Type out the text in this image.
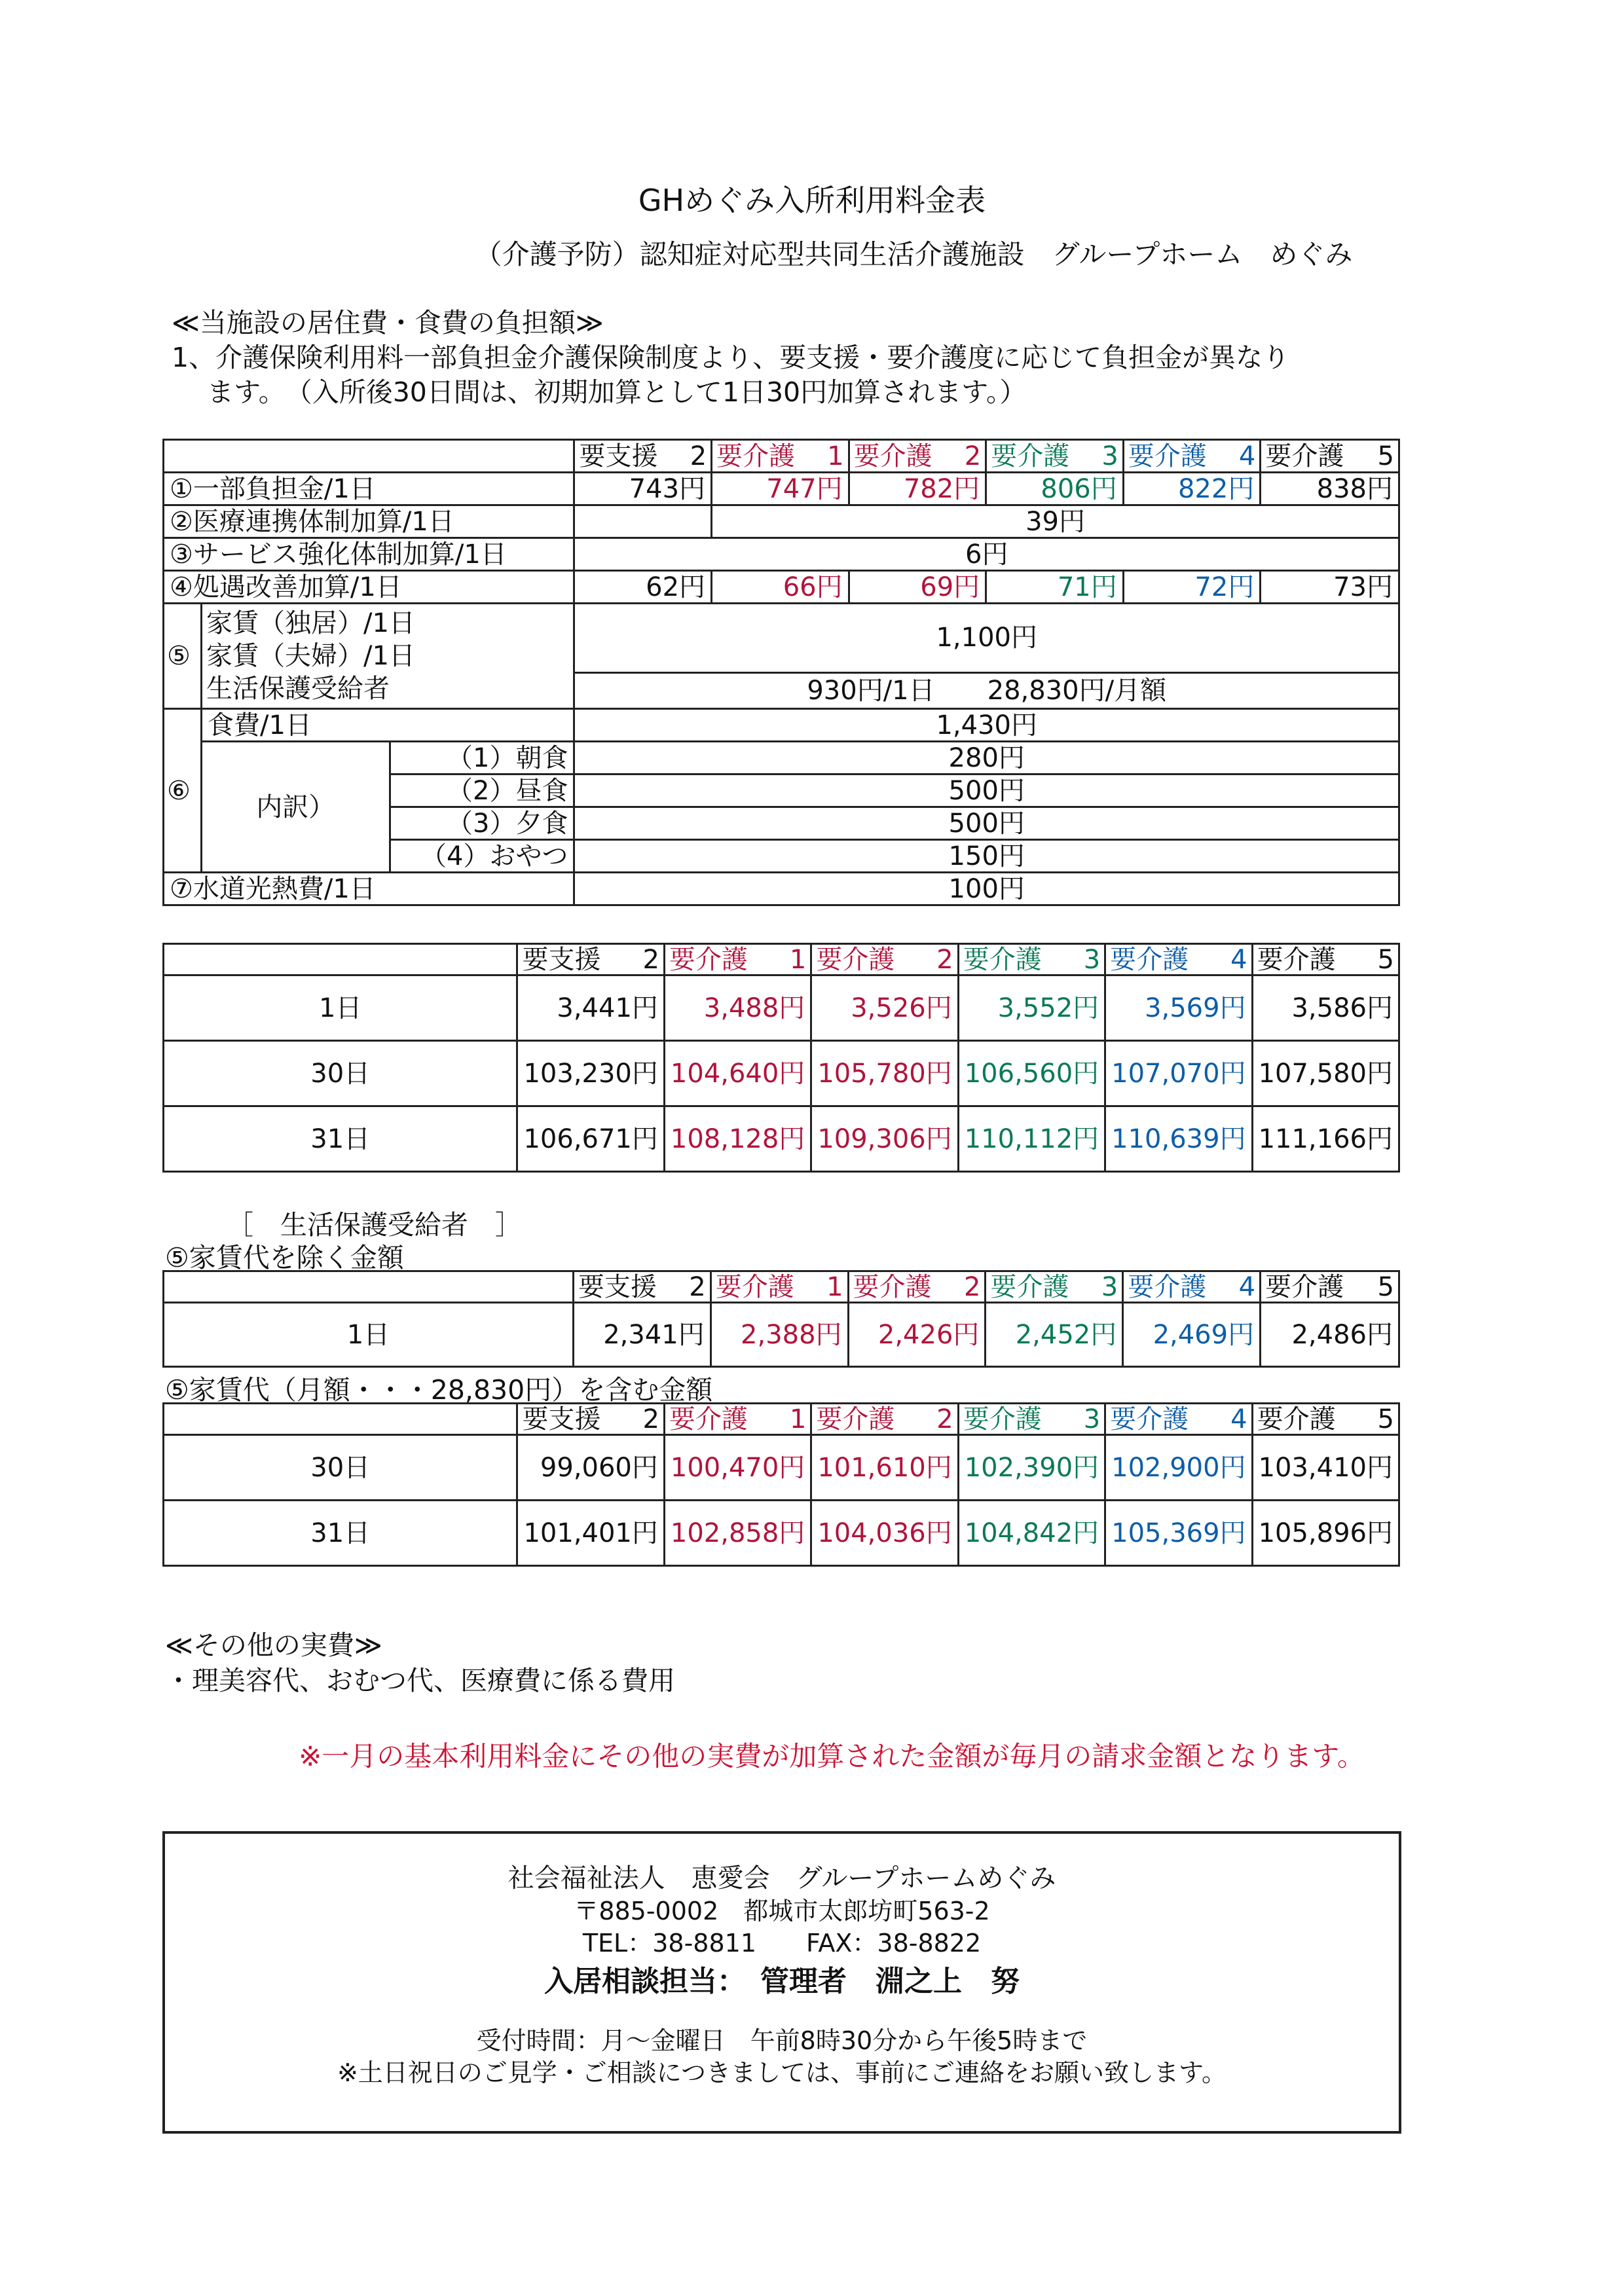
GHめぐみ入所利用料金表
（介護予防）認知症対応型共同生活介護施設　グループホーム　めぐみ
≪当施設の居住費・食費の負担額≫
1、介護保険利用料一部負担金介護保険制度より、要支援・要介護度に応じて負担金が異なり
ます。　（入所後30日間は、初期加算として1日30円加算されます。）
			要支援 2	要介護 1	要介護 2	要介護 3	要介護 4	要介護 5

①一部負担金/1日			743円	747円	782円	806円	822円	838円
②医療連携体制加算/1日				39円				
③サービス強化体制加算/1日			6円					
④処遇改善加算/1日			62円	66円	69円	71円	72円	73円
⑤	家賃（独居）/1日
家賃（夫婦）/1日
生活保護受給者		1,100円					
			930円/1日　　28,830円/月額					
⑥	食費/1日		1,430円					
	内訳）	（1）朝食	280円					
		（2）昼食	500円					
		（3）夕食	500円					
		（4）おやつ	150円					
⑦水道光熱費/1日			100円					
	要支援 2	要介護 1	要介護 2	要介護 3	要介護 4	要介護 5

1日	3,441円	3,488円	3,526円	3,552円	3,569円	3,586円
30日	103,230円	104,640円	105,780円	106,560円	107,070円	107,580円
31日	106,671円	108,128円	109,306円	110,112円	110,639円	111,166円
［　生活保護受給者　］
⑤家賃代を除く金額
	要支援 2	要介護 1	要介護 2	要介護 3	要介護 4	要介護 5

1日	2,341円	2,388円	2,426円	2,452円	2,469円	2,486円
⑤家賃代（月額・・・28,830円）を含む金額
	要支援 2	要介護 1	要介護 2	要介護 3	要介護 4	要介護 5

30日	99,060円	100,470円	101,610円	102,390円	102,900円	103,410円
31日	101,401円	102,858円	104,036円	104,842円	105,369円	105,896円
≪その他の実費≫
・理美容代、おむつ代、医療費に係る費用
※一月の基本利用料金にその他の実費が加算された金額が毎月の請求金額となります。
社会福祉法人　恵愛会　グループホームめぐみ
〒885-0002　都城市太郎坊町563-2
TEL：38-8811　　FAX：38-8822
入居相談担当：　管理者　淵之上　努
受付時間：月～金曜日　午前8時30分から午後5時まで
※土日祝日のご見学・ご相談につきましては、事前にご連絡をお願い致します。
